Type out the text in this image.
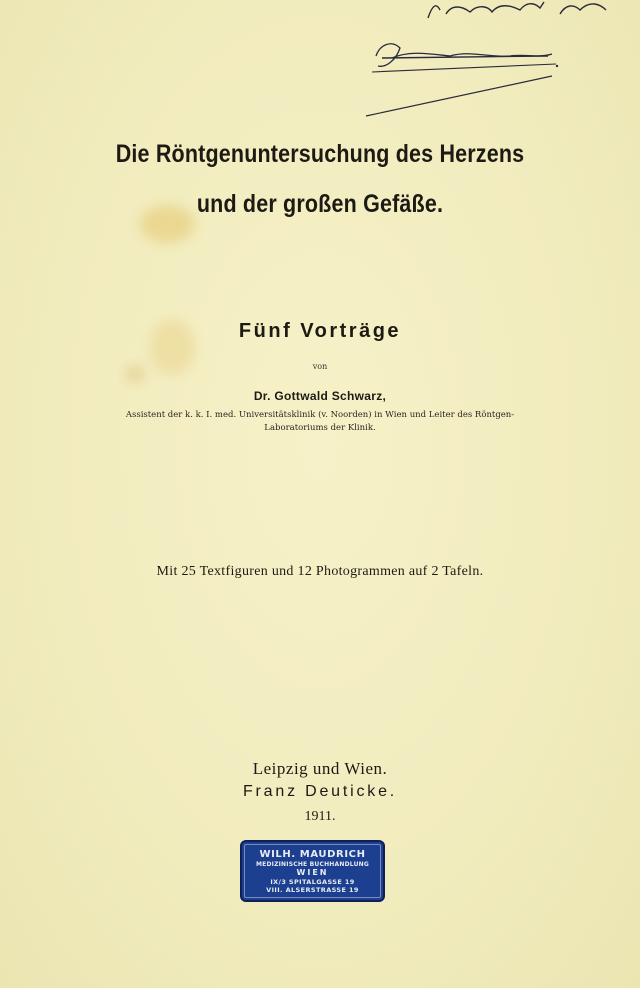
Die Röntgenuntersuchung des Herzens
und der großen Gefäße.
Fünf Vorträge
von
Dr. Gottwald Schwarz,
Assistent der k. k. I. med. Universitätsklinik (v. Noorden) in Wien und Leiter des Röntgen-
Laboratoriums der Klinik.
Mit 25 Textfiguren und 12 Photogrammen auf 2 Tafeln.
Leipzig und Wien.
Franz Deuticke.
1911.
WILH. MAUDRICH
MEDIZINISCHE BUCHHANDLUNG
WIEN
IX/3 SPITALGASSE 19
VIII. ALSERSTRASSE 19
